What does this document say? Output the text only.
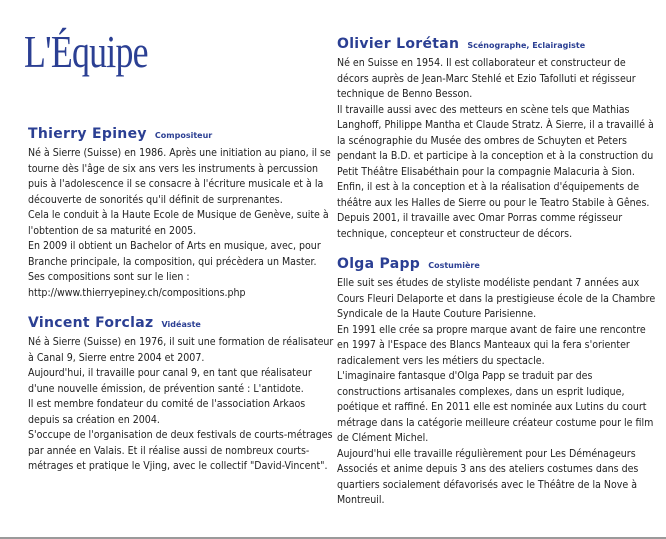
L'Équipe
Thierry Epiney Compositeur

Né à Sierre (Suisse) en 1986. Après une initiation au piano, il se tourne dès l'âge de six ans vers les instruments à percussion puis à l'adolescence il se consacre à l'écriture musicale et à la découverte de sonorités qu'il définit de surprenantes.

Cela le conduit à la Haute Ecole de Musique de Genève, suite à l'obtention de sa maturité en 2005.

En 2009 il obtient un Bachelor of Arts en musique, avec, pour Branche principale, la composition, qui précèdera un Master. Ses compositions sont sur le lien : http://www.thierryepiney.ch/compositions.php

Vincent Forclaz Vidéaste

Né à Sierre (Suisse) en 1976, il suit une formation de réalisateur à Canal 9, Sierre entre 2004 et 2007.

Aujourd'hui, il travaille pour canal 9, en tant que réalisateur d'une nouvelle émission, de prévention santé : L'antidote.

Il est membre fondateur du comité de l'association Arkaos depuis sa création en 2004.

S'occupe de l'organisation de deux festivals de courts-métrages par année en Valais. Et il réalise aussi de nombreux courts-métrages et pratique le Vjing, avec le collectif "David-Vincent".

Olivier Lorétan Scénographe, Eclairagiste

Né en Suisse en 1954. Il est collaborateur et constructeur de décors auprès de Jean-Marc Stehlé et Ezio Tafolluti et régisseur technique de Benno Besson.

Il travaille aussi avec des metteurs en scène tels que Mathias Langhoff, Philippe Mantha et Claude Stratz. À Sierre, il a travaillé à la scénographie du Musée des ombres de Schuyten et Peters pendant la B.D. et participe à la conception et à la construction du Petit Théâtre Elisabéthain pour la compagnie Malacuria à Sion. Enfin, il est à la conception et à la réalisation d'équipements de théâtre aux les Halles de Sierre ou pour le Teatro Stabile à Gênes. Depuis 2001, il travaille avec Omar Porras comme régisseur technique, concepteur et constructeur de décors.

Olga Papp Costumière

Elle suit ses études de styliste modéliste pendant 7 années aux Cours Fleuri Delaporte et dans la prestigieuse école de la Chambre Syndicale de la Haute Couture Parisienne.

En 1991 elle crée sa propre marque avant de faire une rencontre en 1997 à l'Espace des Blancs Manteaux qui la fera s'orienter radicalement vers les métiers du spectacle.

L'imaginaire fantasque d'Olga Papp se traduit par des constructions artisanales complexes, dans un esprit ludique, poétique et raffiné. En 2011 elle est nominée aux Lutins du court métrage dans la catégorie meilleure créateur costume pour le film de Clément Michel.

Aujourd'hui elle travaille régulièrement pour Les Déménageurs Associés et anime depuis 3 ans des ateliers costumes dans des quartiers socialement défavorisés avec le Théâtre de la Nove à Montreuil.
